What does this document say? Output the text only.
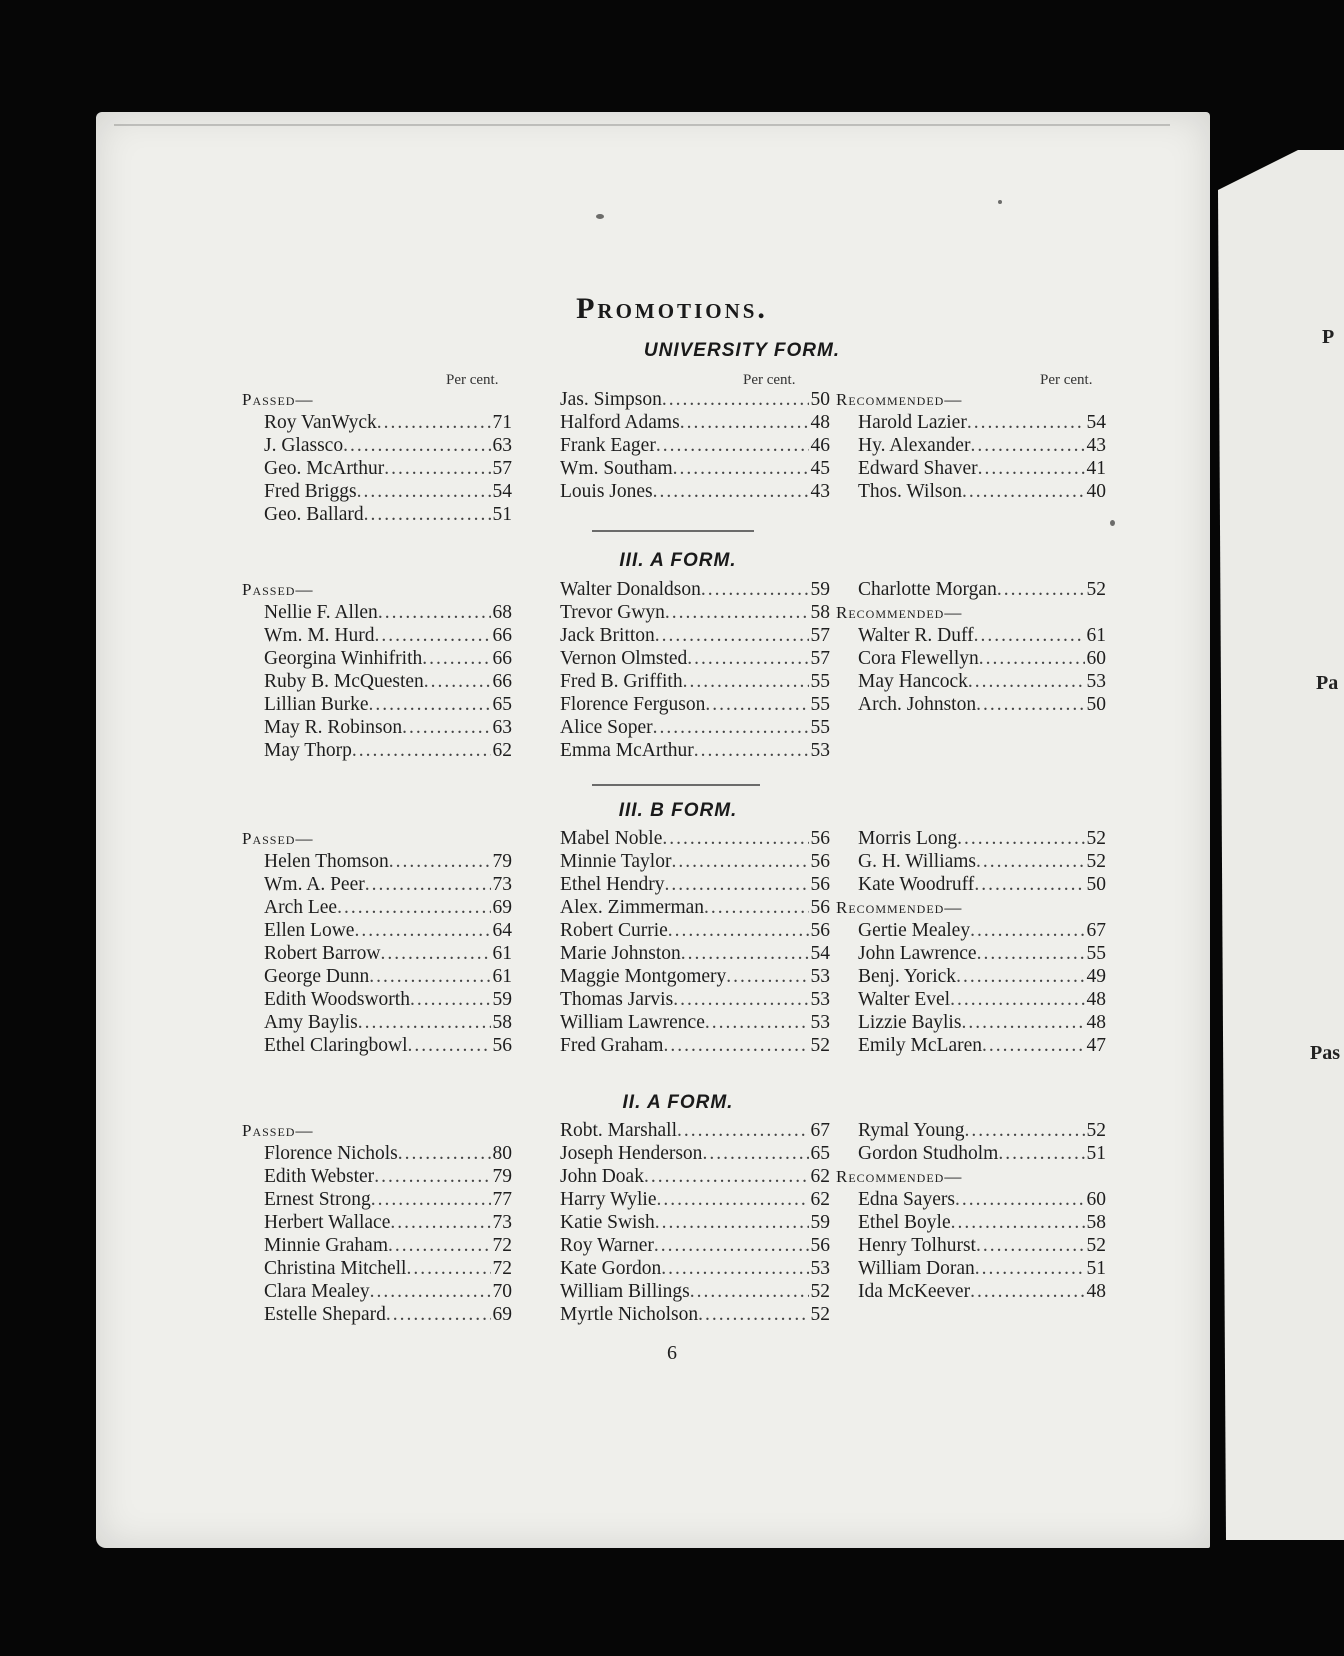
P
Pa
Pas
Promotions.
Per cent.	Per cent.	Per cent.
UNIVERSITY FORM.
III. A FORM.
III. B FORM.
II. A FORM.
Passed—
Roy VanWyck .....	71
J. Glassco .....	63
Geo. McArthur .....	57
Fred Briggs .....	54
Geo. Ballard .....	51
Jas. Simpson .....	50
Halford Adams .....	48
Frank Eager .....	46
Wm. Southam .....	45
Louis Jones .....	43
Recommended—
Harold Lazier .....	54
Hy. Alexander .....	43
Edward Shaver .....	41
Thos. Wilson .....	40
Passed—
Nellie F. Allen .....	68
Wm. M. Hurd .....	66
Georgina Winhifrith .....	66
Ruby B. McQuesten .....	66
Lillian Burke .....	65
May R. Robinson .....	63
May Thorp .....	62
Walter Donaldson .....	59
Trevor Gwyn .....	58
Jack Britton .....	57
Vernon Olmsted .....	57
Fred B. Griffith .....	55
Florence Ferguson .....	55
Alice Soper .....	55
Emma McArthur .....	53
Charlotte Morgan .....	52
Recommended—
Walter R. Duff .....	61
Cora Flewellyn .....	60
May Hancock .....	53
Arch. Johnston .....	50
Passed—
Helen Thomson .....	79
Wm. A. Peer .....	73
Arch Lee .....	69
Ellen Lowe .....	64
Robert Barrow .....	61
George Dunn .....	61
Edith Woodsworth .....	59
Amy Baylis .....	58
Ethel Claringbowl .....	56
Mabel Noble .....	56
Minnie Taylor .....	56
Ethel Hendry .....	56
Alex. Zimmerman .....	56
Robert Currie .....	56
Marie Johnston .....	54
Maggie Montgomery .....	53
Thomas Jarvis .....	53
William Lawrence .....	53
Fred Graham .....	52
Morris Long .....	52
G. H. Williams .....	52
Kate Woodruff .....	50
Recommended—
Gertie Mealey .....	67
John Lawrence .....	55
Benj. Yorick .....	49
Walter Evel .....	48
Lizzie Baylis .....	48
Emily McLaren .....	47
Passed—
Florence Nichols .....	80
Edith Webster .....	79
Ernest Strong .....	77
Herbert Wallace .....	73
Minnie Graham .....	72
Christina Mitchell .....	72
Clara Mealey .....	70
Estelle Shepard .....	69
Robt. Marshall .....	67
Joseph Henderson .....	65
John Doak .....	62
Harry Wylie .....	62
Katie Swish .....	59
Roy Warner .....	56
Kate Gordon .....	53
William Billings .....	52
Myrtle Nicholson .....	52
Rymal Young .....	52
Gordon Studholm .....	51
Recommended—
Edna Sayers .....	60
Ethel Boyle .....	58
Henry Tolhurst .....	52
William Doran .....	51
Ida McKeever .....	48
6
